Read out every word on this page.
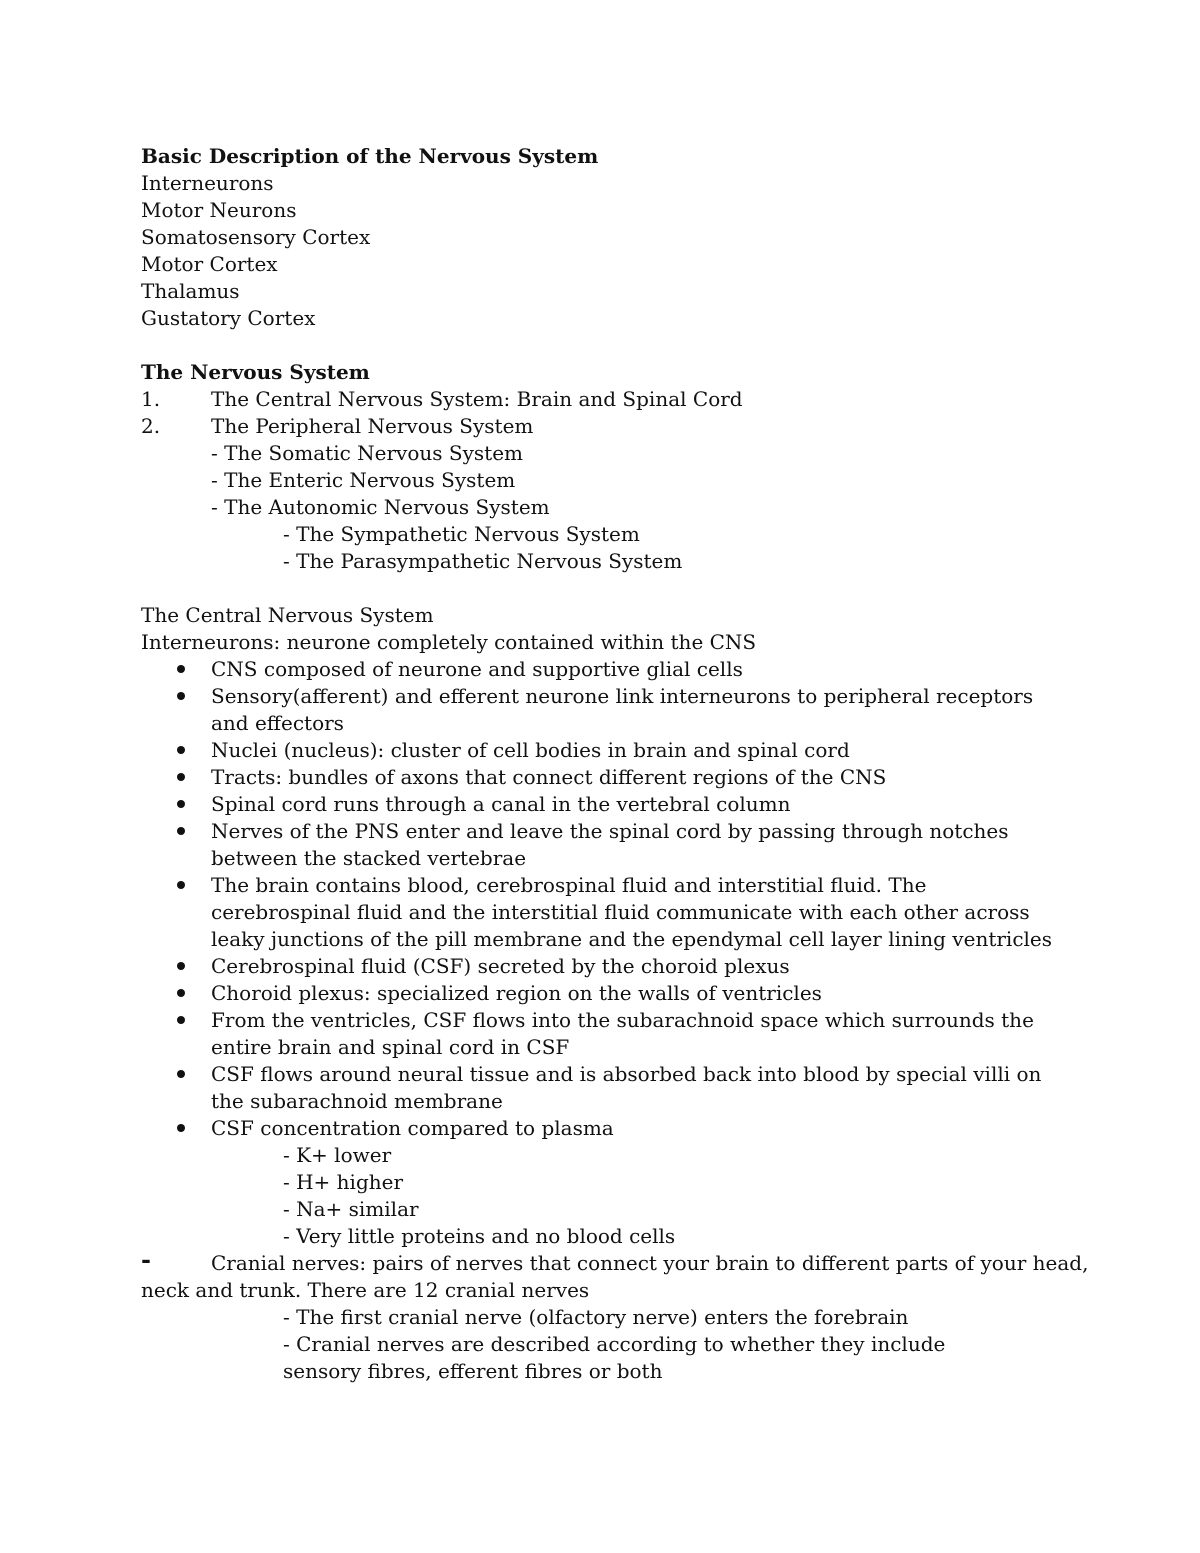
Basic Description of the Nervous System
Interneurons
Motor Neurons
Somatosensory Cortex
Motor Cortex
Thalamus
Gustatory Cortex
The Nervous System
1.	The Central Nervous System: Brain and Spinal Cord
2.	The Peripheral Nervous System
- The Somatic Nervous System
- The Enteric Nervous System
- The Autonomic Nervous System
- The Sympathetic Nervous System
- The Parasympathetic Nervous System
The Central Nervous System
Interneurons: neurone completely contained within the CNS
CNS composed of neurone and supportive glial cells
Sensory(afferent) and efferent neurone link interneurons to peripheral receptors and effectors
Nuclei (nucleus): cluster of cell bodies in brain and spinal cord
Tracts: bundles of axons that connect different regions of the CNS
Spinal cord runs through a canal in the vertebral column
Nerves of the PNS enter and leave the spinal cord by passing through notches between the stacked vertebrae
The brain contains blood, cerebrospinal fluid and interstitial fluid. The cerebrospinal fluid and the interstitial fluid communicate with each other across leaky junctions of the pill membrane and the ependymal cell layer lining ventricles
Cerebrospinal fluid (CSF) secreted by the choroid plexus
Choroid plexus: specialized region on the walls of ventricles
From the ventricles, CSF flows into the subarachnoid space which surrounds the entire brain and spinal cord in CSF
CSF flows around neural tissue and is absorbed back into blood by special villi on the subarachnoid membrane
CSF concentration compared to plasma
- K+ lower
- H+ higher
- Na+ similar
- Very little proteins and no blood cells
-	Cranial nerves: pairs of nerves that connect your brain to different parts of your head,
neck and trunk. There are 12 cranial nerves
- The first cranial nerve (olfactory nerve) enters the forebrain
- Cranial nerves are described according to whether they include
sensory fibres, efferent fibres or both
